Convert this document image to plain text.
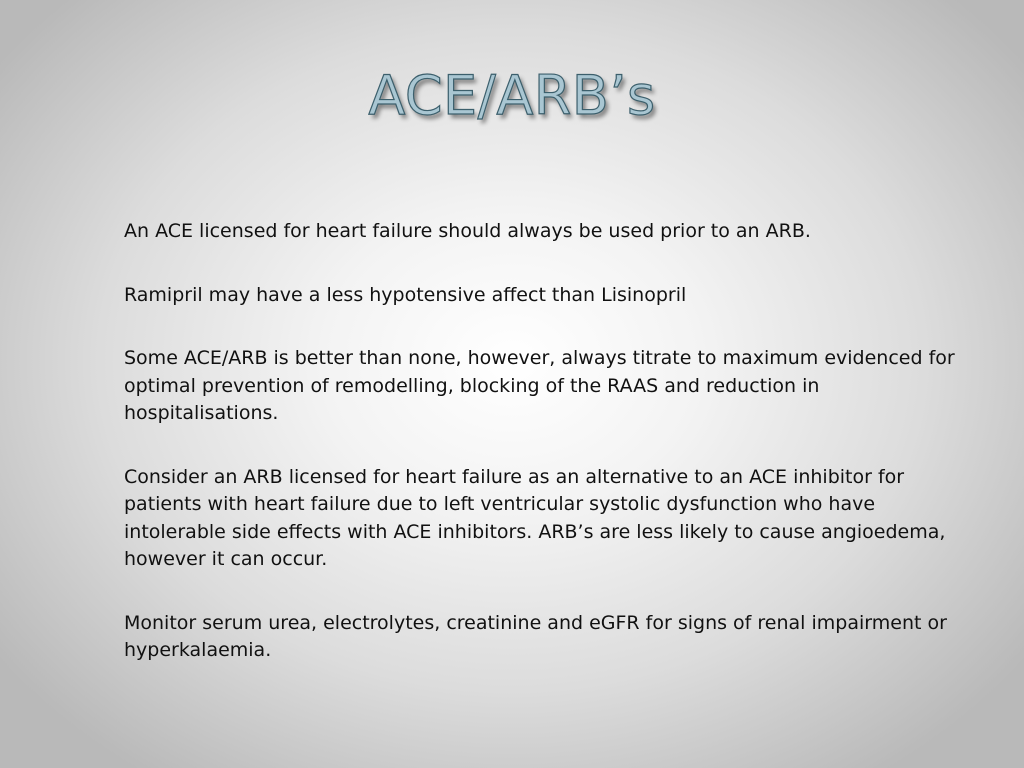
ACE/ARB’s

An ACE licensed for heart failure should always be used prior to an ARB.

Ramipril may have a less hypotensive affect than Lisinopril

Some ACE/ARB is better than none, however, always titrate to maximum evidenced for optimal prevention of remodelling, blocking of the RAAS and reduction in hospitalisations.

Consider an ARB licensed for heart failure as an alternative to an ACE inhibitor for patients with heart failure due to left ventricular systolic dysfunction who have intolerable side effects with ACE inhibitors. ARB’s are less likely to cause angioedema, however it can occur.

Monitor serum urea, electrolytes, creatinine and eGFR for signs of renal impairment or hyperkalaemia.
